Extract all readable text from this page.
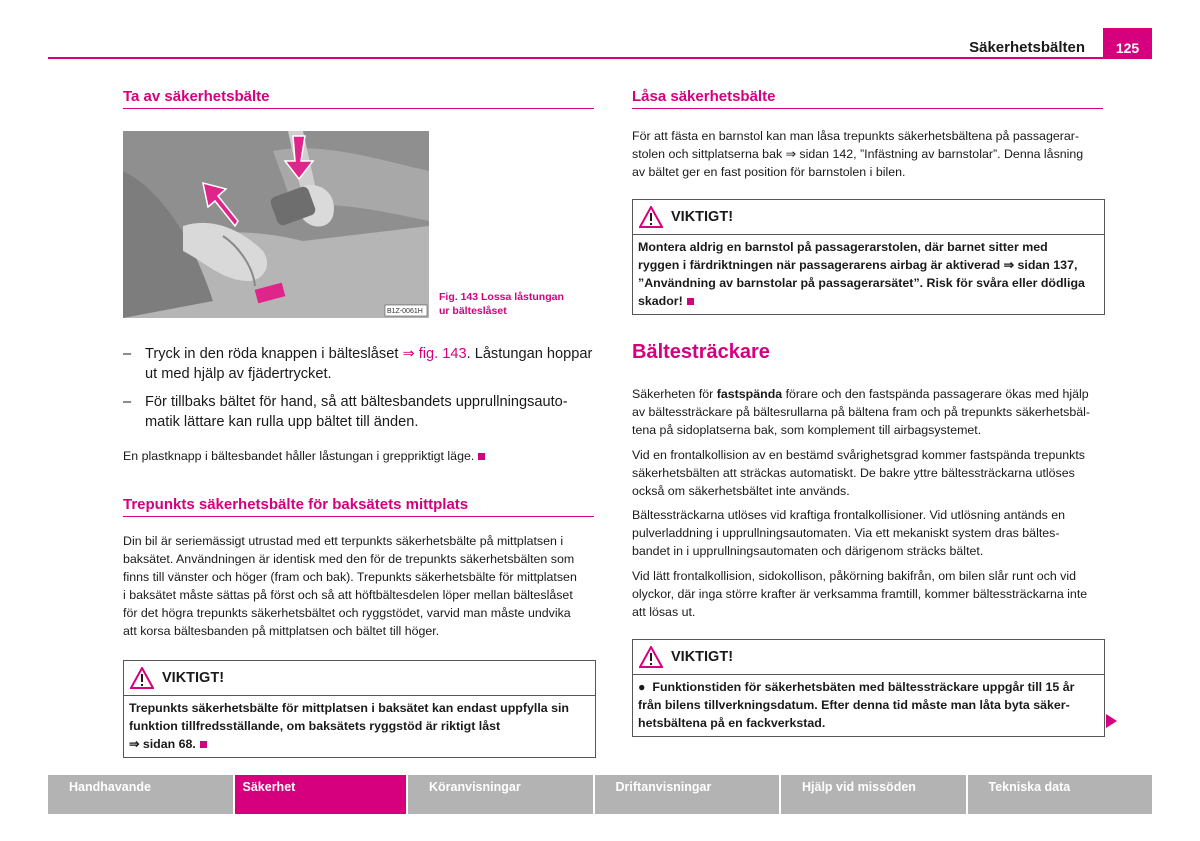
Säkerhetsbälten	125
Ta av säkerhetsbälte
B1Z-0061H
Fig. 143 Lossa låstungan
ur bälteslåset
– Tryck in den röda knappen i bälteslåset ⇒ fig. 143. Låstungan hoppar
ut med hjälp av fjädertrycket.
– För tillbaks bältet för hand, så att bältesbandets upprullningsauto-
matik lättare kan rulla upp bältet till änden.
En plastknapp i bältesbandet håller låstungan i greppriktigt läge.
Trepunkts säkerhetsbälte för baksätets mittplats
Din bil är seriemässigt utrustad med ett terpunkts säkerhetsbälte på mittplatsen i
baksätet. Användningen är identisk med den för de trepunkts säkerhetsbälten som
finns till vänster och höger (fram och bak). Trepunkts säkerhetsbälte för mittplatsen
i baksätet måste sättas på först och så att höftbältesdelen löper mellan bälteslåset
för det högra trepunkts säkerhetsbältet och ryggstödet, varvid man måste undvika
att korsa bältesbanden på mittplatsen och bältet till höger.
VIKTIGT!
Trepunkts säkerhetsbälte för mittplatsen i baksätet kan endast uppfylla sin
funktion tillfredsställande, om baksätets ryggstöd är riktigt låst
⇒ sidan 68.
Låsa säkerhetsbälte
För att fästa en barnstol kan man låsa trepunkts säkerhetsbältena på passagerar-
stolen och sittplatserna bak ⇒ sidan 142, ”Infästning av barnstolar”. Denna låsning
av bältet ger en fast position för barnstolen i bilen.
VIKTIGT!
Montera aldrig en barnstol på passagerarstolen, där barnet sitter med
ryggen i färdriktningen när passagerarens airbag är aktiverad ⇒ sidan 137,
”Användning av barnstolar på passagerarsätet”. Risk för svåra eller dödliga
skador!
Bältesträckare
Säkerheten för fastspända förare och den fastspända passagerare ökas med hjälp
av bältessträckare på bältesrullarna på bältena fram och på trepunkts säkerhetsbäl-
tena på sidoplatserna bak, som komplement till airbagsystemet.
Vid en frontalkollision av en bestämd svårighetsgrad kommer fastspända trepunkts
säkerhetsbälten att sträckas automatiskt. De bakre yttre bältessträckarna utlöses
också om säkerhetsbältet inte används.
Bältessträckarna utlöses vid kraftiga frontalkollisioner. Vid utlösning antänds en
pulverladdning i upprullningsautomaten. Via ett mekaniskt system dras bältes-
bandet in i upprullningsautomaten och därigenom sträcks bältet.
Vid lätt frontalkollision, sidokollison, påkörning bakifrån, om bilen slår runt och vid
olyckor, där inga större krafter är verksamma framtill, kommer bältessträckarna inte
att lösas ut.
VIKTIGT!
● Funktionstiden för säkerhetsbäten med bältessträckare uppgår till 15 år
från bilens tillverkningsdatum. Efter denna tid måste man låta byta säker-
hetsbältena på en fackverkstad.
Handhavande	Säkerhet	Köranvisningar	Driftanvisningar	Hjälp vid missöden	Tekniska data
